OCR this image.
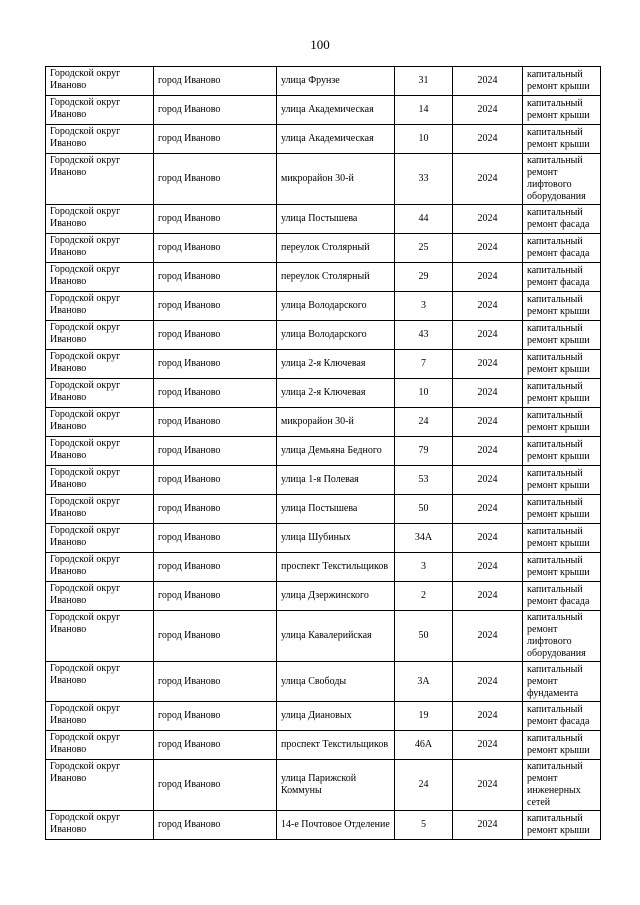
100
Городской округ Иваново	город Иваново	улица Фрунзе	31	2024	капитальный ремонт крыши
Городской округ Иваново	город Иваново	улица Академическая	14	2024	капитальный ремонт крыши
Городской округ Иваново	город Иваново	улица Академическая	10	2024	капитальный ремонт крыши
Городской округ Иваново	город Иваново	микрорайон 30-й	33	2024	капитальный ремонт лифтового оборудования
Городской округ Иваново	город Иваново	улица Постышева	44	2024	капитальный ремонт фасада
Городской округ Иваново	город Иваново	переулок Столярный	25	2024	капитальный ремонт фасада
Городской округ Иваново	город Иваново	переулок Столярный	29	2024	капитальный ремонт фасада
Городской округ Иваново	город Иваново	улица Володарского	3	2024	капитальный ремонт крыши
Городской округ Иваново	город Иваново	улица Володарского	43	2024	капитальный ремонт крыши
Городской округ Иваново	город Иваново	улица 2-я Ключевая	7	2024	капитальный ремонт крыши
Городской округ Иваново	город Иваново	улица 2-я Ключевая	10	2024	капитальный ремонт крыши
Городской округ Иваново	город Иваново	микрорайон 30-й	24	2024	капитальный ремонт крыши
Городской округ Иваново	город Иваново	улица Демьяна Бедного	79	2024	капитальный ремонт крыши
Городской округ Иваново	город Иваново	улица 1-я Полевая	53	2024	капитальный ремонт крыши
Городской округ Иваново	город Иваново	улица Постышева	50	2024	капитальный ремонт крыши
Городской округ Иваново	город Иваново	улица Шубиных	34А	2024	капитальный ремонт крыши
Городской округ Иваново	город Иваново	проспект Текстильщиков	3	2024	капитальный ремонт крыши
Городской округ Иваново	город Иваново	улица Дзержинского	2	2024	капитальный ремонт фасада
Городской округ Иваново	город Иваново	улица Кавалерийская	50	2024	капитальный ремонт лифтового оборудования
Городской округ Иваново	город Иваново	улица Свободы	3А	2024	капитальный ремонт фундамента
Городской округ Иваново	город Иваново	улица Диановых	19	2024	капитальный ремонт фасада
Городской округ Иваново	город Иваново	проспект Текстильщиков	46А	2024	капитальный ремонт крыши
Городской округ Иваново	город Иваново	улица Парижской Коммуны	24	2024	капитальный ремонт инженерных сетей
Городской округ Иваново	город Иваново	14-е Почтовое Отделение	5	2024	капитальный ремонт крыши
